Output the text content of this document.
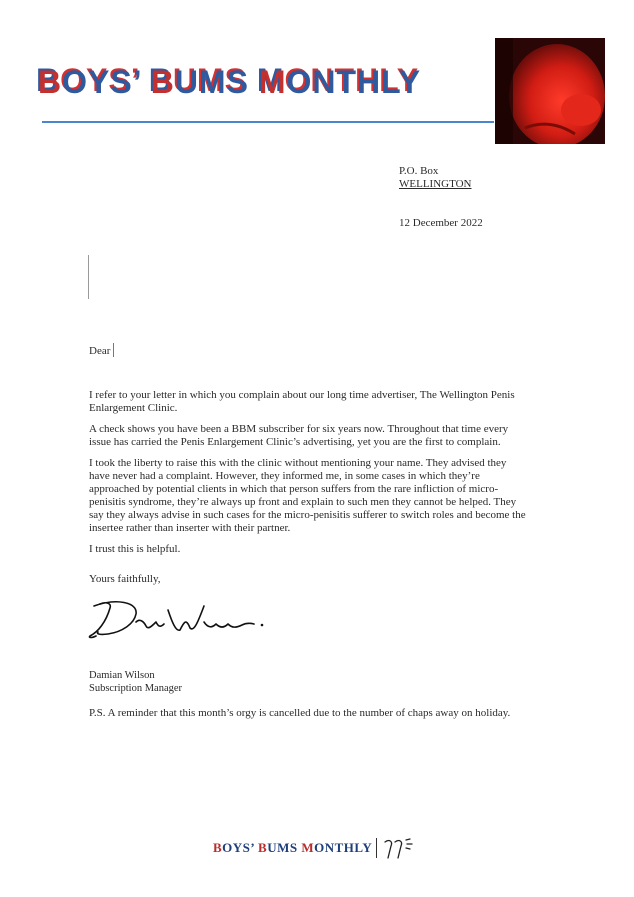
BOYS’ BUMS MONTHLY
P.O. Box
WELLINGTON
12 December 2022
Dear

I refer to your letter in which you complain about our long time advertiser, The Wellington Penis Enlargement Clinic.

A check shows you have been a BBM subscriber for six years now. Throughout that time every issue has carried the Penis Enlargement Clinic’s advertising, yet you are the first to complain.

I took the liberty to raise this with the clinic without mentioning your name. They advised they have never had a complaint. However, they informed me, in some cases in which they’re approached by potential clients in which that person suffers from the rare infliction of micro-penisitis syndrome, they’re always up front and explain to such men they cannot be helped. They say they always advise in such cases for the micro-penisitis sufferer to switch roles and become the insertee rather than inserter with their partner.

I trust this is helpful.

Yours faithfully,
Damian Wilson
Subscription Manager
P.S. A reminder that this month’s orgy is cancelled due to the number of chaps away on holiday.
BOYS’ BUMS MONTHLY
